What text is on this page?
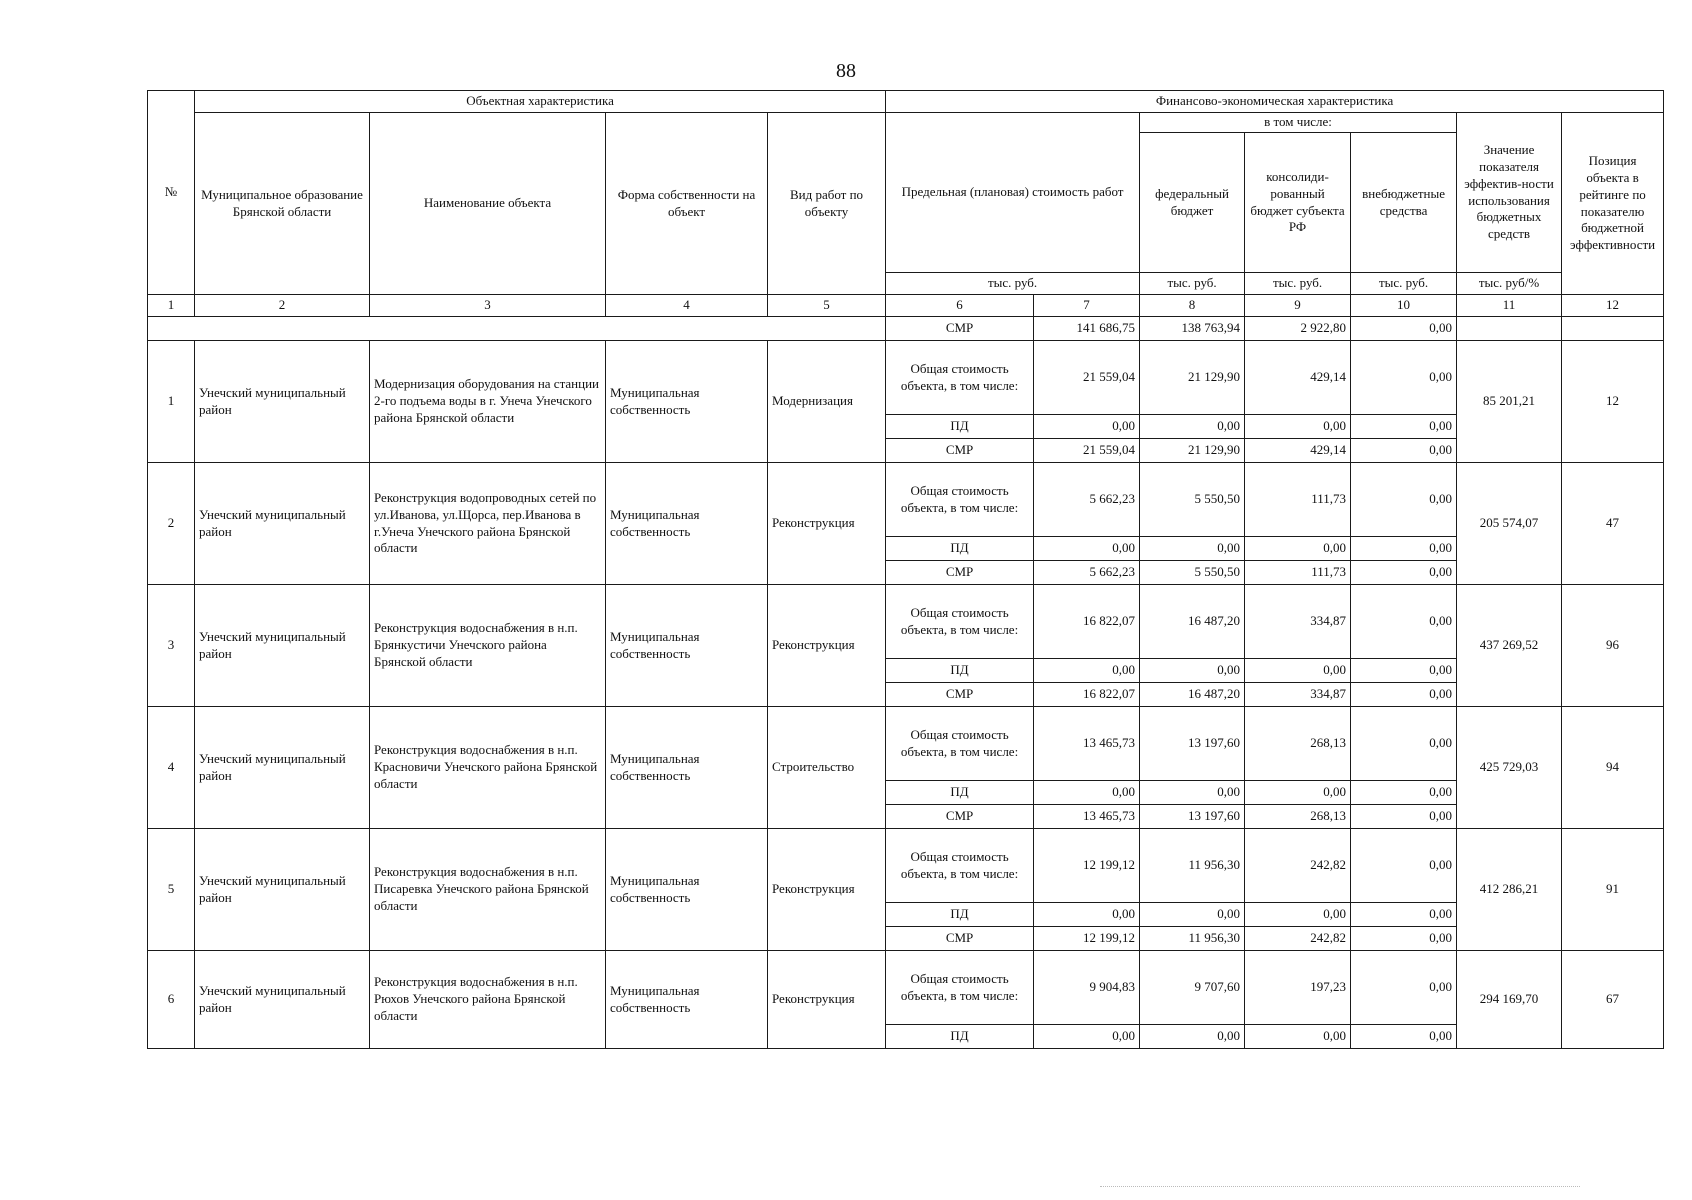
88
№	Объектная характеристика				Финансово-экономическая характеристика						
	Муниципальное образование Брянской области	Наименование объекта	Форма собственности на объект	Вид работ по объекту	Предельная (плановая) стоимость работ		в том числе:			Значение показателя эффектив-ности использования бюджетных средств	Позиция объекта в рейтинге по показателю бюджетной эффективности
							федеральный бюджет	консолиди-рованный бюджет субъекта РФ	внебюджетные средства		
					тыс. руб.		тыс. руб.	тыс. руб.	тыс. руб.	тыс. руб/%	
1	2	3	4	5	6	7	8	9	10	11	12
					СМР	141 686,75	138 763,94	2 922,80	0,00		
1	Унечский муниципальный район	Модернизация оборудования на станции 2-го подъема воды в г. Унеча Унечского района Брянской области	Муниципальная собственность	Модернизация	Общая стоимость объекта, в том числе:	21 559,04	21 129,90	429,14	0,00	85 201,21	12
					ПД	0,00	0,00	0,00	0,00		
					СМР	21 559,04	21 129,90	429,14	0,00		
2	Унечский муниципальный район	Реконструкция водопроводных сетей по ул.Иванова, ул.Щорса, пер.Иванова в г.Унеча Унечского района Брянской области	Муниципальная собственность	Реконструкция	Общая стоимость объекта, в том числе:	5 662,23	5 550,50	111,73	0,00	205 574,07	47
					ПД	0,00	0,00	0,00	0,00		
					СМР	5 662,23	5 550,50	111,73	0,00		
3	Унечский муниципальный район	Реконструкция водоснабжения в н.п. Брянкустичи Унечского района Брянской области	Муниципальная собственность	Реконструкция	Общая стоимость объекта, в том числе:	16 822,07	16 487,20	334,87	0,00	437 269,52	96
					ПД	0,00	0,00	0,00	0,00		
					СМР	16 822,07	16 487,20	334,87	0,00		
4	Унечский муниципальный район	Реконструкция водоснабжения в н.п. Красновичи Унечского района Брянской области	Муниципальная собственность	Строительство	Общая стоимость объекта, в том числе:	13 465,73	13 197,60	268,13	0,00	425 729,03	94
					ПД	0,00	0,00	0,00	0,00		
					СМР	13 465,73	13 197,60	268,13	0,00		
5	Унечский муниципальный район	Реконструкция водоснабжения в н.п. Писаревка Унечского района Брянской области	Муниципальная собственность	Реконструкция	Общая стоимость объекта, в том числе:	12 199,12	11 956,30	242,82	0,00	412 286,21	91
					ПД	0,00	0,00	0,00	0,00		
					СМР	12 199,12	11 956,30	242,82	0,00		
6	Унечский муниципальный район	Реконструкция водоснабжения в н.п. Рюхов Унечского района Брянской области	Муниципальная собственность	Реконструкция	Общая стоимость объекта, в том числе:	9 904,83	9 707,60	197,23	0,00	294 169,70	67
					ПД	0,00	0,00	0,00	0,00		
